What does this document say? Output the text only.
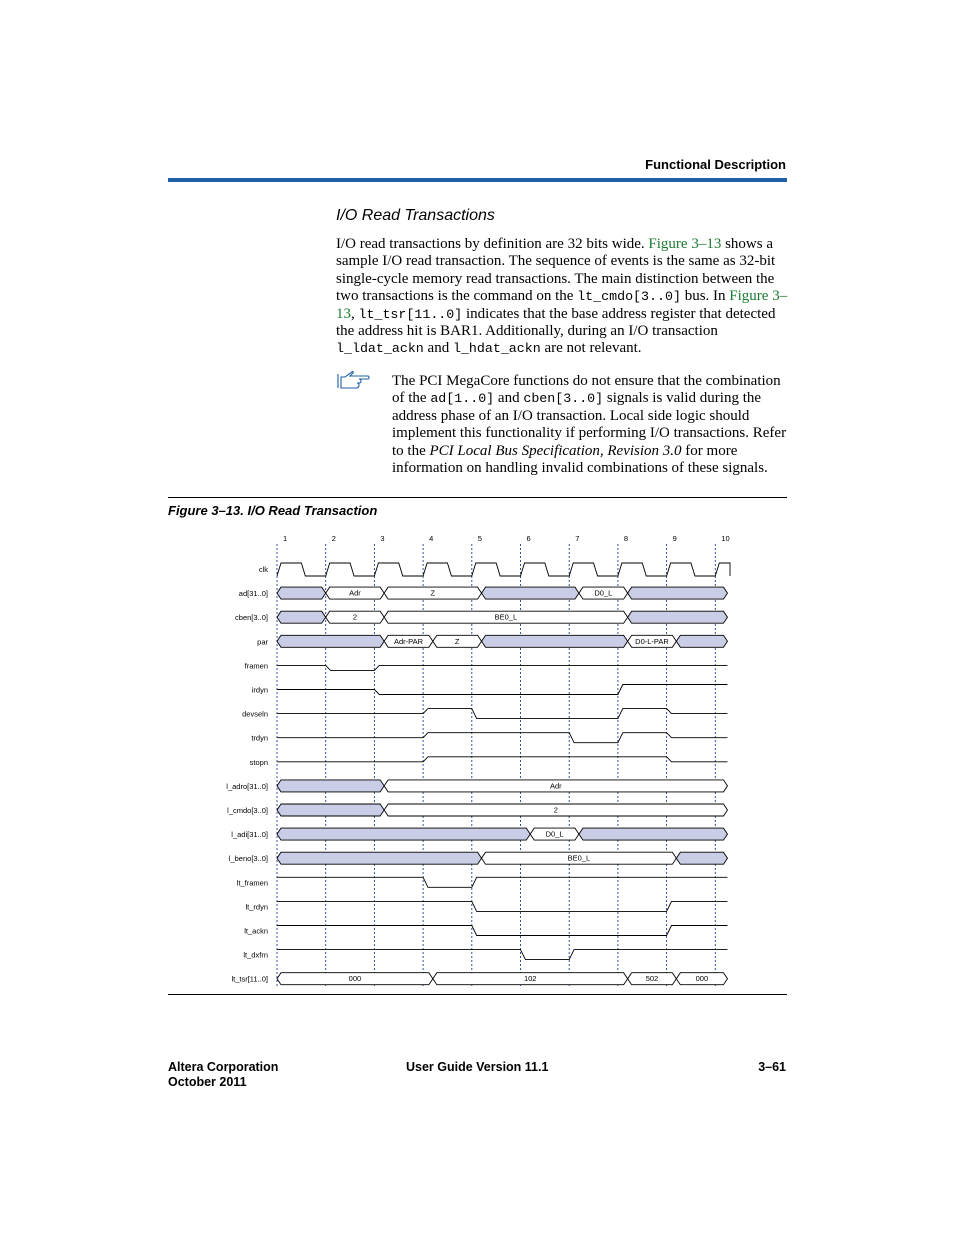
Functional Description
I/O Read Transactions
I/O read transactions by definition are 32 bits wide. Figure 3–13 shows a sample I/O read transaction. The sequence of events is the same as 32-bit single-cycle memory read transactions. The main distinction between the two transactions is the command on the lt_cmdo[3..0] bus. In Figure 3–13, lt_tsr[11..0] indicates that the base address register that detected the address hit is BAR1. Additionally, during an I/O transaction l_ldat_ackn and l_hdat_ackn are not relevant.
The PCI MegaCore functions do not ensure that the combination of the ad[1..0] and cben[3..0] signals is valid during the address phase of an I/O transaction. Local side logic should implement this functionality if performing I/O transactions. Refer to the PCI Local Bus Specification, Revision 3.0 for more information on handling invalid combinations of these signals.
Figure 3–13. I/O Read Transaction
1	2	3	4	5	6	7	8	9	10
clk
ad[31..0]	Adr	Z	D0_L
cben[3..0]	2	BE0_L
par	Adr-PAR	Z	D0-L-PAR
framen
irdyn
devseln
trdyn
stopn
l_adro[31..0]	Adr
l_cmdo[3..0]	2
l_adi[31..0]	D0_L
l_beno[3..0]	BE0_L
lt_framen
lt_rdyn
lt_ackn
lt_dxfrn
lt_tsr[11..0]	000	102	502	000
Altera Corporation
October 2011
User Guide Version 11.1	3–61
